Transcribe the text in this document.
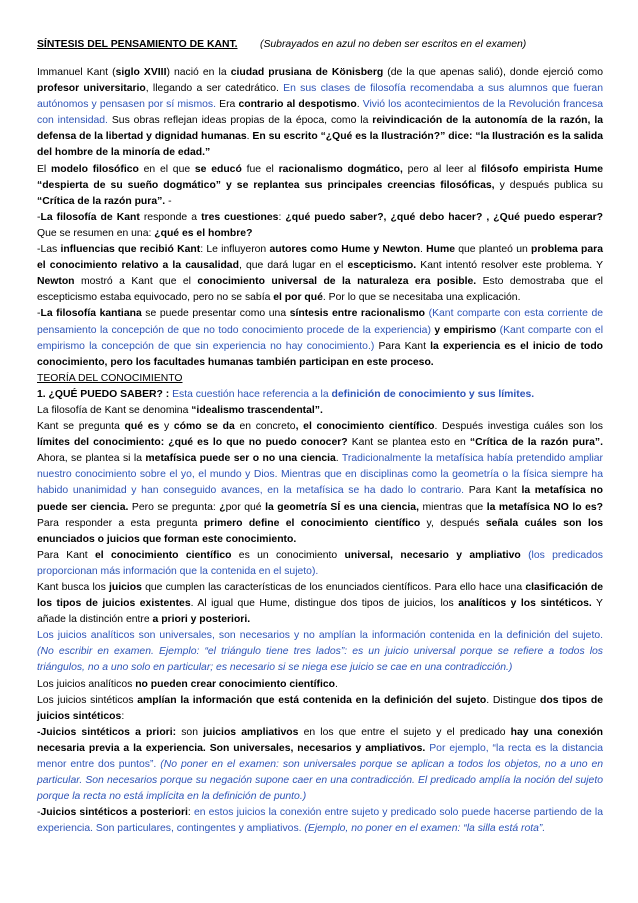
SÍNTESIS DEL PENSAMIENTO DE KANT. (Subrayados en azul no deben ser escritos en el examen)

Immanuel Kant (siglo XVIII) nació en la ciudad prusiana de Könisberg (de la que apenas salió), donde ejerció como profesor universitario, llegando a ser catedrático. En sus clases de filosofía recomendaba a sus alumnos que fueran autónomos y pensasen por sí mismos. Era contrario al despotismo. Vivió los acontecimientos de la Revolución francesa con intensidad. Sus obras reflejan ideas propias de la época, como la reivindicación de la autonomía de la razón, la defensa de la libertad y dignidad humanas. En su escrito “¿Qué es la Ilustración?” dice: “la Ilustración es la salida del hombre de la minoría de edad.”

El modelo filosófico en el que se educó fue el racionalismo dogmático, pero al leer al filósofo empirista Hume “despierta de su sueño dogmático” y se replantea sus principales creencias filosóficas, y después publica su “Crítica de la razón pura”. -

-La filosofía de Kant responde a tres cuestiones: ¿qué puedo saber?, ¿qué debo hacer? , ¿Qué puedo esperar? Que se resumen en una: ¿qué es el hombre?

-Las influencias que recibió Kant: Le influyeron autores como Hume y Newton. Hume que planteó un problema para el conocimiento relativo a la causalidad, que dará lugar en el escepticismo. Kant intentó resolver este problema. Y Newton mostró a Kant que el conocimiento universal de la naturaleza era posible. Esto demostraba que el escepticismo estaba equivocado, pero no se sabía el por qué. Por lo que se necesitaba una explicación.

-La filosofía kantiana se puede presentar como una síntesis entre racionalismo (Kant comparte con esta corriente de pensamiento la concepción de que no todo conocimiento procede de la experiencia) y empirismo (Kant comparte con el empirismo la concepción de que sin experiencia no hay conocimiento.) Para Kant la experiencia es el inicio de todo conocimiento, pero los facultades humanas también participan en este proceso.

TEORÍA DEL CONOCIMIENTO

1. ¿QUÉ PUEDO SABER? : Esta cuestión hace referencia a la definición de conocimiento y sus límites.

La filosofía de Kant se denomina “idealismo trascendental”.

Kant se pregunta qué es y cómo se da en concreto, el conocimiento científico. Después investiga cuáles son los límites del conocimiento: ¿qué es lo que no puedo conocer? Kant se plantea esto en “Crítica de la razón pura”. Ahora, se plantea si la metafísica puede ser o no una ciencia. Tradicionalmente la metafísica había pretendido ampliar nuestro conocimiento sobre el yo, el mundo y Dios. Mientras que en disciplinas como la geometría o la física siempre ha habido unanimidad y han conseguido avances, en la metafísica se ha dado lo contrario. Para Kant la metafísica no puede ser ciencia. Pero se pregunta: ¿por qué la geometría SÍ es una ciencia, mientras que la metafísica NO lo es? Para responder a esta pregunta primero define el conocimiento científico y, después señala cuáles son los enunciados o juicios que forman este conocimiento.

Para Kant el conocimiento científico es un conocimiento universal, necesario y ampliativo (los predicados proporcionan más información que la contenida en el sujeto).

Kant busca los juicios que cumplen las características de los enunciados científicos. Para ello hace una clasificación de los tipos de juicios existentes. Al igual que Hume, distingue dos tipos de juicios, los analíticos y los sintéticos. Y añade la distinción entre a priori y posteriori.

Los juicios analíticos son universales, son necesarios y no amplían la información contenida en la definición del sujeto. (No escribir en examen. Ejemplo: “el triángulo tiene tres lados”: es un juicio universal porque se refiere a todos los triángulos, no a uno solo en particular; es necesario si se niega ese juicio se cae en una contradicción.)

Los juicios analíticos no pueden crear conocimiento científico.

Los juicios sintéticos amplían la información que está contenida en la definición del sujeto. Distingue dos tipos de juicios sintéticos:

-Juicios sintéticos a priori: son juicios ampliativos en los que entre el sujeto y el predicado hay una conexión necesaria previa a la experiencia. Son universales, necesarios y ampliativos. Por ejemplo, “la recta es la distancia menor entre dos puntos”. (No poner en el examen: son universales porque se aplican a todos los objetos, no a uno en particular. Son necesarios porque su negación supone caer en una contradicción. El predicado amplía la noción del sujeto porque la recta no está implícita en la definición de punto.)

-Juicios sintéticos a posteriori: en estos juicios la conexión entre sujeto y predicado solo puede hacerse partiendo de la experiencia. Son particulares, contingentes y ampliativos. (Ejemplo, no poner en el examen: “la silla está rota”.
